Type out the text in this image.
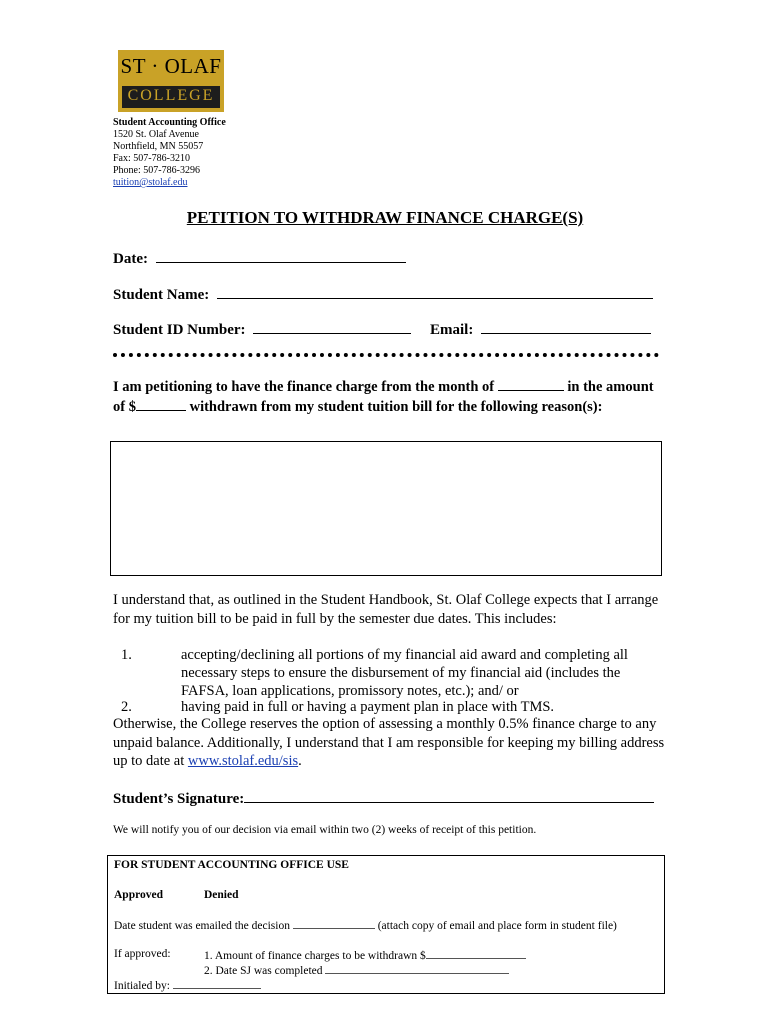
ST · OLAF
COLLEGE
Student Accounting Office
1520 St. Olaf Avenue
Northfield, MN 55057
Fax: 507-786-3210
Phone: 507-786-3296
tuition@stolaf.edu
PETITION TO WITHDRAW FINANCE CHARGE(S)
Date:
Student Name:
Student ID Number:	Email:
I am petitioning to have the finance charge from the month of	in the amount of $	withdrawn from my student tuition bill for the following reason(s):
I understand that, as outlined in the Student Handbook, St. Olaf College expects that I arrange for my tuition bill to be paid in full by the semester due dates. This includes:
1.	accepting/declining all portions of my financial aid award and completing all necessary steps to ensure the disbursement of my financial aid (includes the FAFSA, loan applications, promissory notes, etc.); and/ or
2.	having paid in full or having a payment plan in place with TMS.
Otherwise, the College reserves the option of assessing a monthly 0.5% finance charge to any unpaid balance. Additionally, I understand that I am responsible for keeping my billing address up to date at www.stolaf.edu/sis.
Student’s Signature:
We will notify you of our decision via email within two (2) weeks of receipt of this petition.
FOR STUDENT ACCOUNTING OFFICE USE
Approved	Denied
Date student was emailed the decision	(attach copy of email and place form in student file)
If approved:	1. Amount of finance charges to be withdrawn $
2. Date SJ was completed
Initialed by:
